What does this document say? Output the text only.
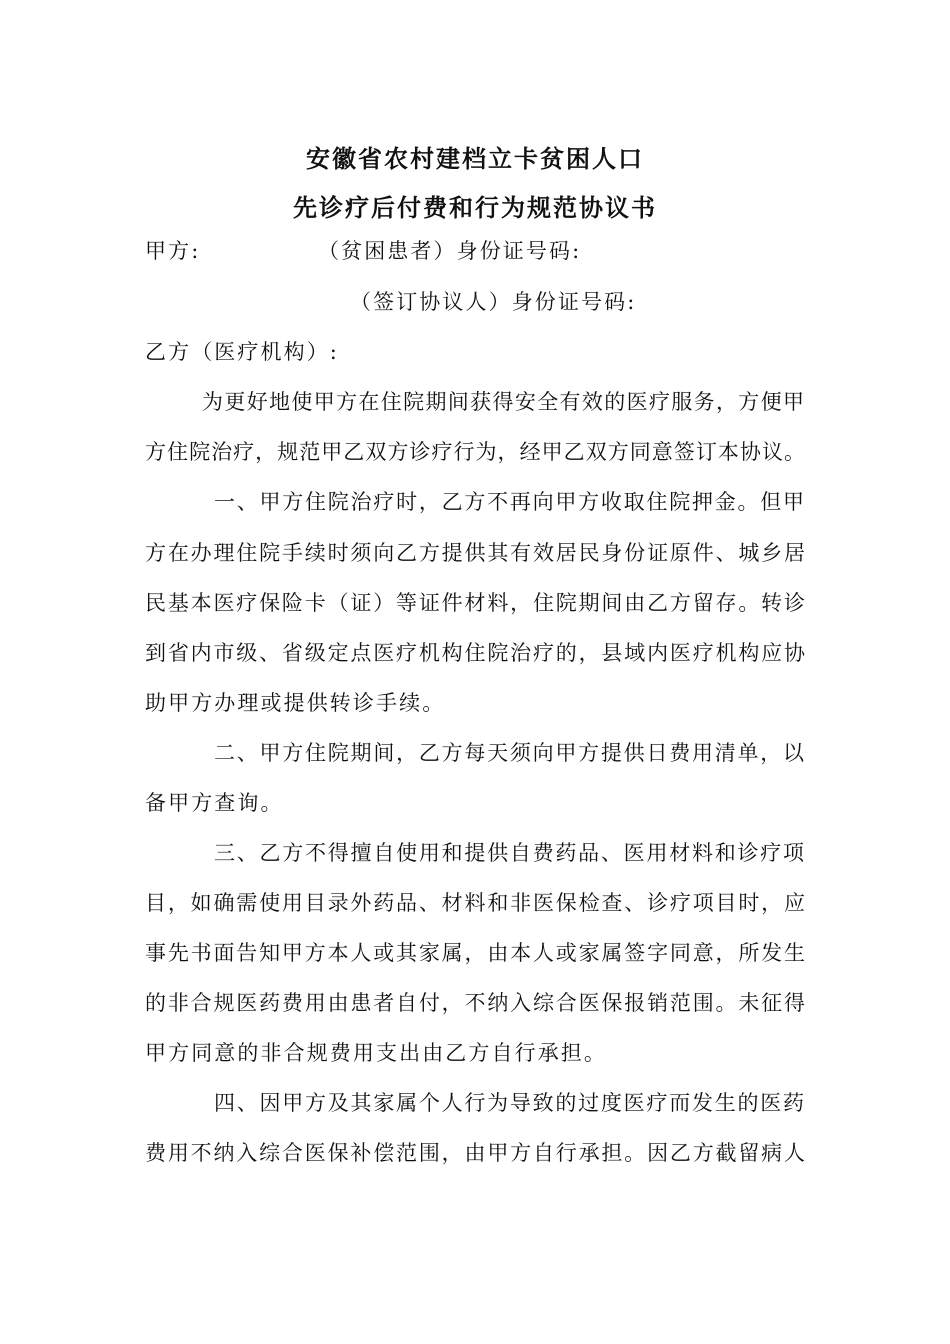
安徽省农村建档立卡贫困人口
先诊疗后付费和行为规范协议书
甲方:	（贫困患者）身份证号码:
（签订协议人）身份证号码:
乙方（医疗机构）:
为更好地使甲方在住院期间获得安全有效的医疗服务，方便甲
方住院治疗，规范甲乙双方诊疗行为，经甲乙双方同意签订本协议。
一、甲方住院治疗时，乙方不再向甲方收取住院押金。但甲
方在办理住院手续时须向乙方提供其有效居民身份证原件、城乡居
民基本医疗保险卡（证）等证件材料，住院期间由乙方留存。转诊
到省内市级、省级定点医疗机构住院治疗的，县域内医疗机构应协
助甲方办理或提供转诊手续。
二、甲方住院期间，乙方每天须向甲方提供日费用清单，以
备甲方查询。
三、乙方不得擅自使用和提供自费药品、医用材料和诊疗项
目，如确需使用目录外药品、材料和非医保检查、诊疗项目时，应
事先书面告知甲方本人或其家属，由本人或家属签字同意，所发生
的非合规医药费用由患者自付，不纳入综合医保报销范围。未征得
甲方同意的非合规费用支出由乙方自行承担。
四、因甲方及其家属个人行为导致的过度医疗而发生的医药
费用不纳入综合医保补偿范围，由甲方自行承担。因乙方截留病人
